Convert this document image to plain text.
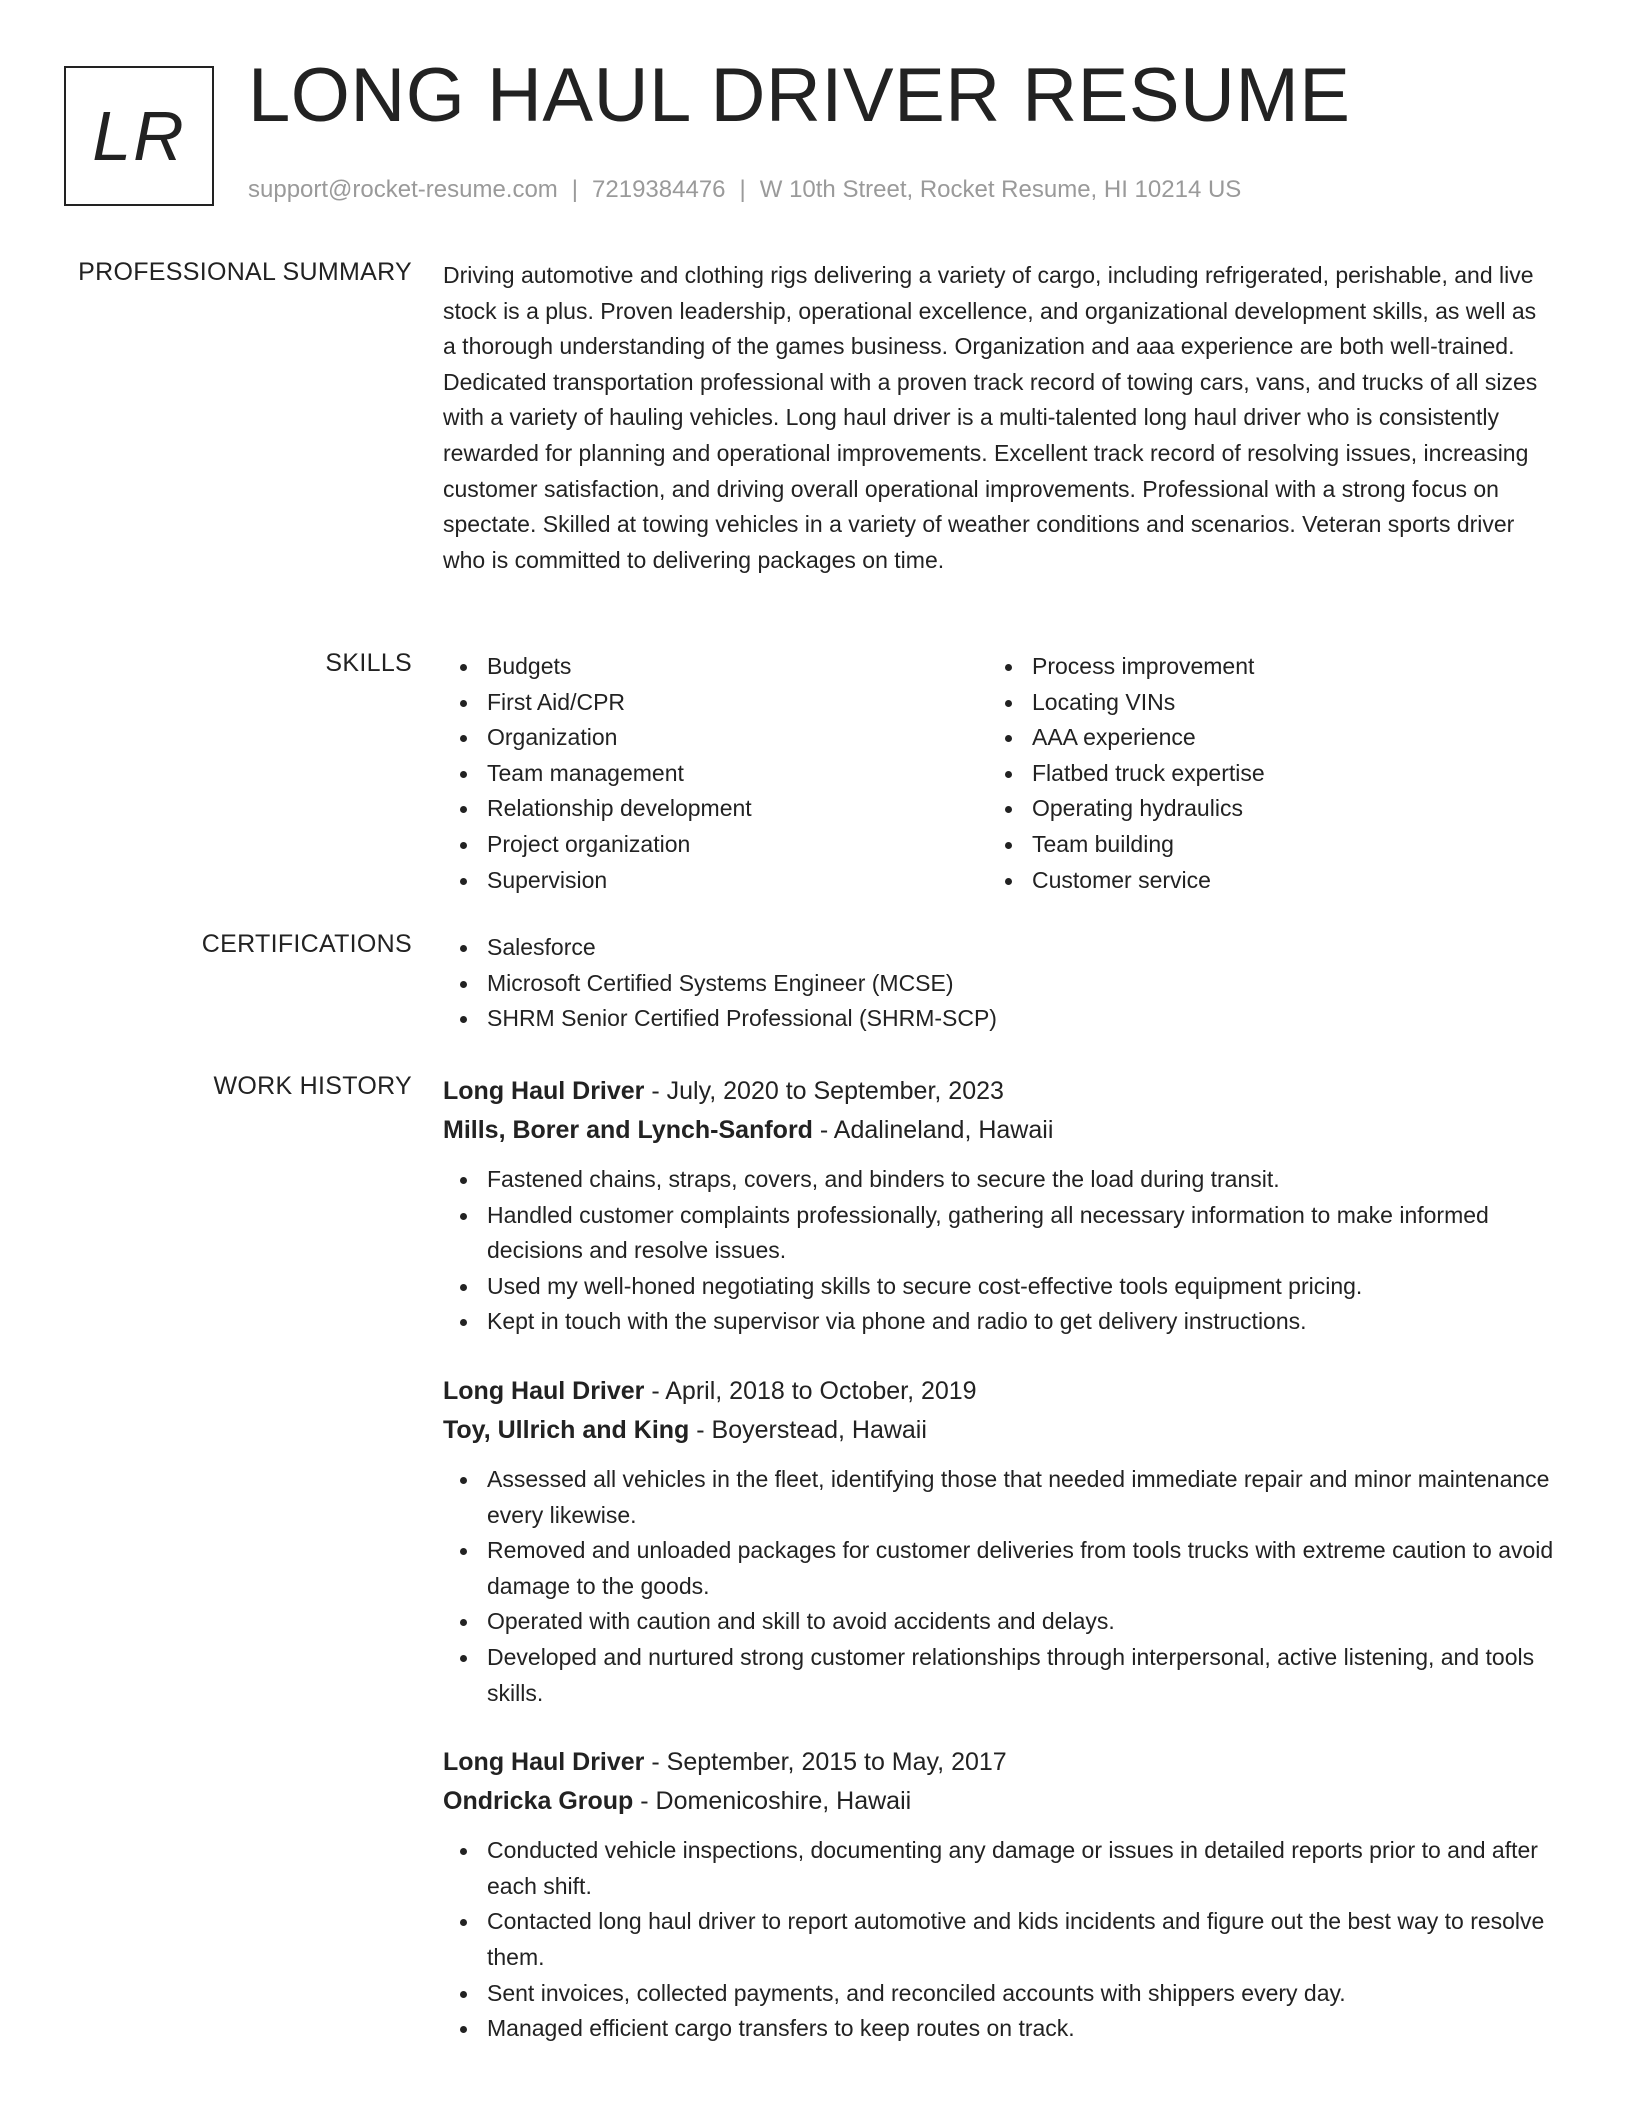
LR LONG HAUL DRIVER RESUME
support@rocket-resume.com | 7219384476 | W 10th Street, Rocket Resume, HI 10214 US
PROFESSIONAL SUMMARY Driving automotive and clothing rigs delivering a variety of cargo, including refrigerated, perishable, and live stock is a plus. Proven leadership, operational excellence, and organizational development skills, as well as a thorough understanding of the games business. Organization and aaa experience are both well-trained. Dedicated transportation professional with a proven track record of towing cars, vans, and trucks of all sizes with a variety of hauling vehicles. Long haul driver is a multi-talented long haul driver who is consistently rewarded for planning and operational improvements. Excellent track record of resolving issues, increasing customer satisfaction, and driving overall operational improvements. Professional with a strong focus on spectate. Skilled at towing vehicles in a variety of weather conditions and scenarios. Veteran sports driver who is committed to delivering packages on time.

SKILLS	Budgets
First Aid/CPR
Organization
Team management
Relationship development
Project organization
Supervision
Process improvement
Locating VINs
AAA experience
Flatbed truck expertise
Operating hydraulics
Team building
Customer service
CERTIFICATIONS	Salesforce
Microsoft Certified Systems Engineer (MCSE)
SHRM Senior Certified Professional (SHRM-SCP)
WORK HISTORY Long Haul Driver - July, 2020 to September, 2023
Mills, Borer and Lynch-Sanford - Adalineland, Hawaii
Fastened chains, straps, covers, and binders to secure the load during transit.
Handled customer complaints professionally, gathering all necessary information to make informed decisions and resolve issues.
Used my well-honed negotiating skills to secure cost-effective tools equipment pricing.
Kept in touch with the supervisor via phone and radio to get delivery instructions.
Long Haul Driver - April, 2018 to October, 2019
Toy, Ullrich and King - Boyerstead, Hawaii
Assessed all vehicles in the fleet, identifying those that needed immediate repair and minor maintenance every likewise.
Removed and unloaded packages for customer deliveries from tools trucks with extreme caution to avoid damage to the goods.
Operated with caution and skill to avoid accidents and delays.
Developed and nurtured strong customer relationships through interpersonal, active listening, and tools skills.
Long Haul Driver - September, 2015 to May, 2017
Ondricka Group - Domenicoshire, Hawaii
Conducted vehicle inspections, documenting any damage or issues in detailed reports prior to and after each shift.
Contacted long haul driver to report automotive and kids incidents and figure out the best way to resolve them.
Sent invoices, collected payments, and reconciled accounts with shippers every day.
Managed efficient cargo transfers to keep routes on track.
